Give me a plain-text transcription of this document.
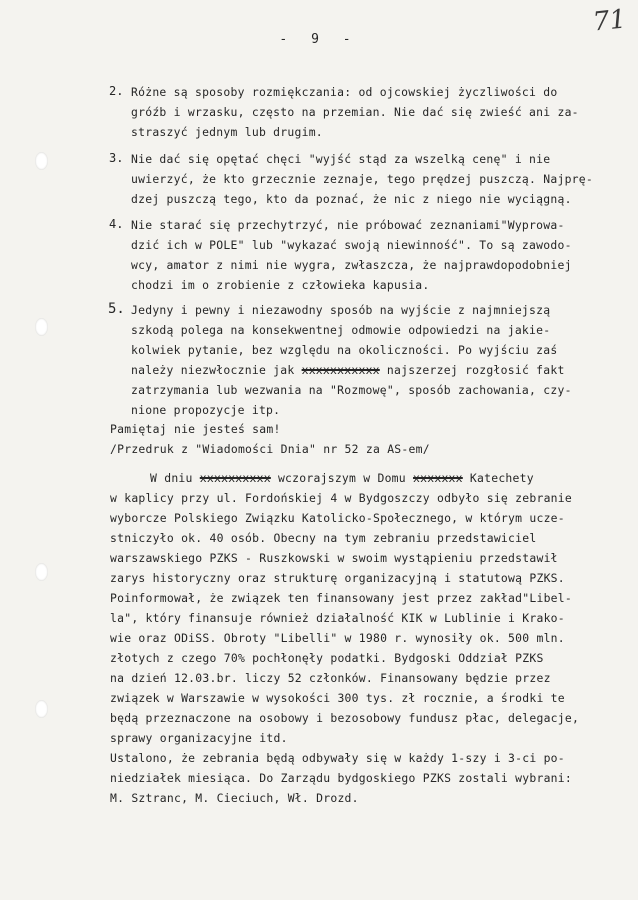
71
- 9 -
2. Różne są sposoby rozmiękczania: od ojcowskiej życzliwości do
gróźb i wrzasku, często na przemian. Nie dać się zwieść ani za-
straszyć jednym lub drugim.
3. Nie dać się opętać chęci "wyjść stąd za wszelką cenę" i nie
uwierzyć, że kto grzecznie zeznaje, tego prędzej puszczą. Najprę-
dzej puszczą tego, kto da poznać, że nic z niego nie wyciągną.
4. Nie starać się przechytrzyć, nie próbować zeznaniami"Wyprowa-
dzić ich w POLE" lub "wykazać swoją niewinność". To są zawodo-
wcy, amator z nimi nie wygra, zwłaszcza, że najprawdopodobniej
chodzi im o zrobienie z człowieka kapusia.
5. Jedyny i pewny i niezawodny sposób na wyjście z najmniejszą
szkodą polega na konsekwentnej odmowie odpowiedzi na jakie-
kolwiek pytanie, bez względu na okoliczności. Po wyjściu zaś
należy niezwłocznie jak xxxxxxxxxxx najszerzej rozgłosić fakt
zatrzymania lub wezwania na "Rozmowę", sposób zachowania, czy-
nione propozycje itp.
Pamiętaj nie jesteś sam!
/Przedruk z "Wiadomości Dnia" nr 52 za AS-em/
W dniu xxxxxxxxxx wczorajszym w Domu xxxxxxx Katechety
w kaplicy przy ul. Fordońskiej 4 w Bydgoszczy odbyło się zebranie
wyborcze Polskiego Związku Katolicko-Społecznego, w którym ucze-
stniczyło ok. 40 osób. Obecny na tym zebraniu przedstawiciel
warszawskiego PZKS - Ruszkowski w swoim wystąpieniu przedstawił
zarys historyczny oraz strukturę organizacyjną i statutową PZKS.
Poinformował, że związek ten finansowany jest przez zakład"Libel-
la", który finansuje również działalność KIK w Lublinie i Krako-
wie oraz ODiSS. Obroty "Libelli" w 1980 r. wynosiły ok. 500 mln.
złotych z czego 70% pochłonęły podatki. Bydgoski Oddział PZKS
na dzień 12.03.br. liczy 52 członków. Finansowany będzie przez
związek w Warszawie w wysokości 300 tys. zł rocznie, a środki te
będą przeznaczone na osobowy i bezosobowy fundusz płac, delegacje,
sprawy organizacyjne itd.
Ustalono, że zebrania będą odbywały się w każdy 1-szy i 3-ci po-
niedziałek miesiąca. Do Zarządu bydgoskiego PZKS zostali wybrani:
M. Sztranc, M. Cieciuch, Wł. Drozd.
